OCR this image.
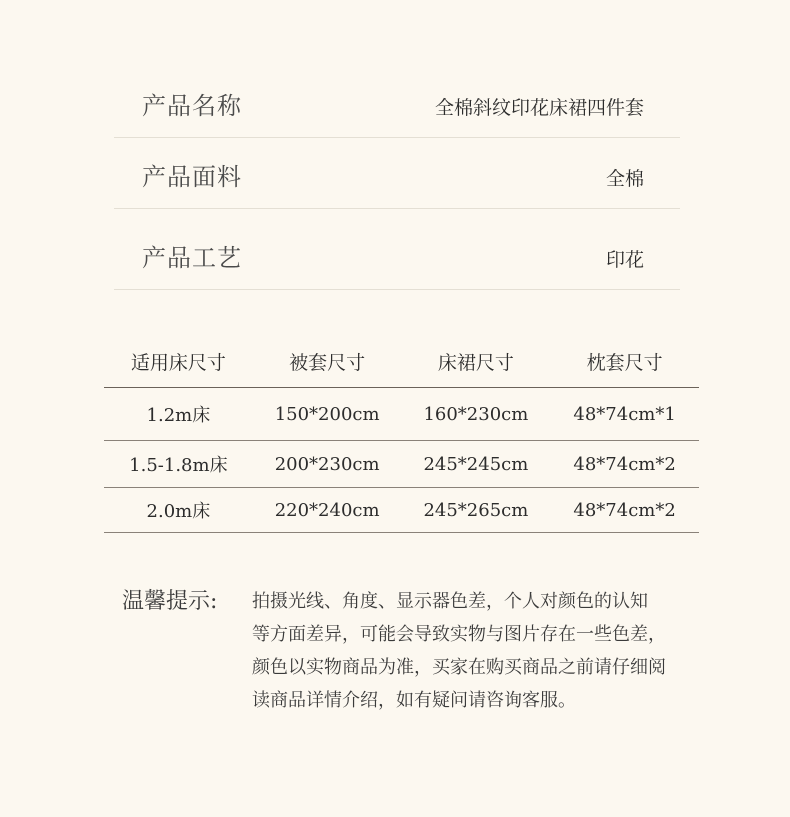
产品名称	全棉斜纹印花床裙四件套
产品面料	全棉
产品工艺	印花
适用床尺寸	被套尺寸	床裙尺寸	枕套尺寸
1.2m床	150*200cm	160*230cm	48*74cm*1
1.5-1.8m床	200*230cm	245*245cm	48*74cm*2
2.0m床	220*240cm	245*265cm	48*74cm*2
温馨提示: 拍摄光线、角度、显示器色差，个人对颜色的认知
等方面差异，可能会导致实物与图片存在一些色差，
颜色以实物商品为准，买家在购买商品之前请仔细阅
读商品详情介绍，如有疑问请咨询客服。
